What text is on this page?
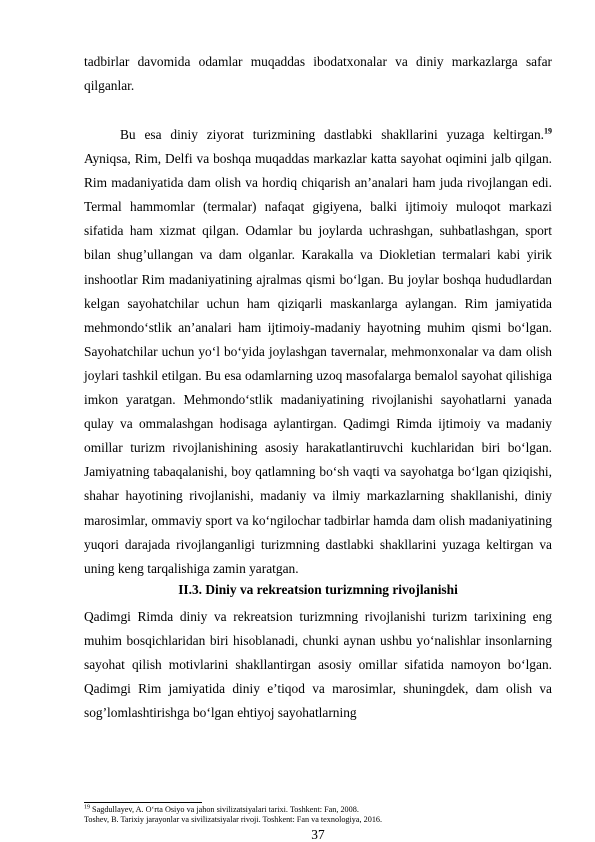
tadbirlar davomida odamlar muqaddas ibodatxonalar va diniy markazlarga safar qilganlar.

Bu esa diniy ziyorat turizmining dastlabki shakllarini yuzaga keltirgan.$^{19}$ Ayniqsa, Rim, Delfi va boshqa muqaddas markazlar katta sayohat oqimini jalb qilgan. Rim madaniyatida dam olish va hordiq chiqarish an’analari ham juda rivojlangan edi. Termal hammomlar (termalar) nafaqat gigiyena, balki ijtimoiy muloqot markazi sifatida ham xizmat qilgan. Odamlar bu joylarda uchrashgan, suhbatlashgan, sport bilan shug’ullangan va dam olganlar. Karakalla va Diokletian termalari kabi yirik inshootlar Rim madaniyatining ajralmas qismi bo‘lgan. Bu joylar boshqa hududlardan kelgan sayohatchilar uchun ham qiziqarli maskanlarga aylangan. Rim jamiyatida mehmondo‘stlik an’analari ham ijtimoiy-madaniy hayotning muhim qismi bo‘lgan. Sayohatchilar uchun yo‘l bo‘yida joylashgan tavernalar, mehmonxonalar va dam olish joylari tashkil etilgan. Bu esa odamlarning uzoq masofalarga bemalol sayohat qilishiga imkon yaratgan. Mehmondo‘stlik madaniyatining rivojlanishi sayohatlarni yanada qulay va ommalashgan hodisaga aylantirgan. Qadimgi Rimda ijtimoiy va madaniy omillar turizm rivojlanishining asosiy harakatlantiruvchi kuchlaridan biri bo‘lgan. Jamiyatning tabaqalanishi, boy qatlamning bo‘sh vaqti va sayohatga bo‘lgan qiziqishi, shahar hayotining rivojlanishi, madaniy va ilmiy markazlarning shakllanishi, diniy marosimlar, ommaviy sport va ko‘ngilochar tadbirlar hamda dam olish madaniyatining yuqori darajada rivojlanganligi turizmning dastlabki shakllarini yuzaga keltirgan va uning keng tarqalishiga zamin yaratgan.

II.3. Diniy va rekreatsion turizmning rivojlanishi

Qadimgi Rimda diniy va rekreatsion turizmning rivojlanishi turizm tarixining eng muhim bosqichlaridan biri hisoblanadi, chunki aynan ushbu yo‘nalishlar insonlarning sayohat qilish motivlarini shakllantirgan asosiy omillar sifatida namoyon bo‘lgan. Qadimgi Rim jamiyatida diniy e’tiqod va marosimlar, shuningdek, dam olish va sog’lomlashtirishga bo‘lgan ehtiyoj sayohatlarning

$^{19}$ Sagdullayev, A. O‘rta Osiyo va jahon sivilizatsiyalari tarixi. Toshkent: Fan, 2008.

Toshev, B. Tarixiy jarayonlar va sivilizatsiyalar rivoji. Toshkent: Fan va texnologiya, 2016.

37
